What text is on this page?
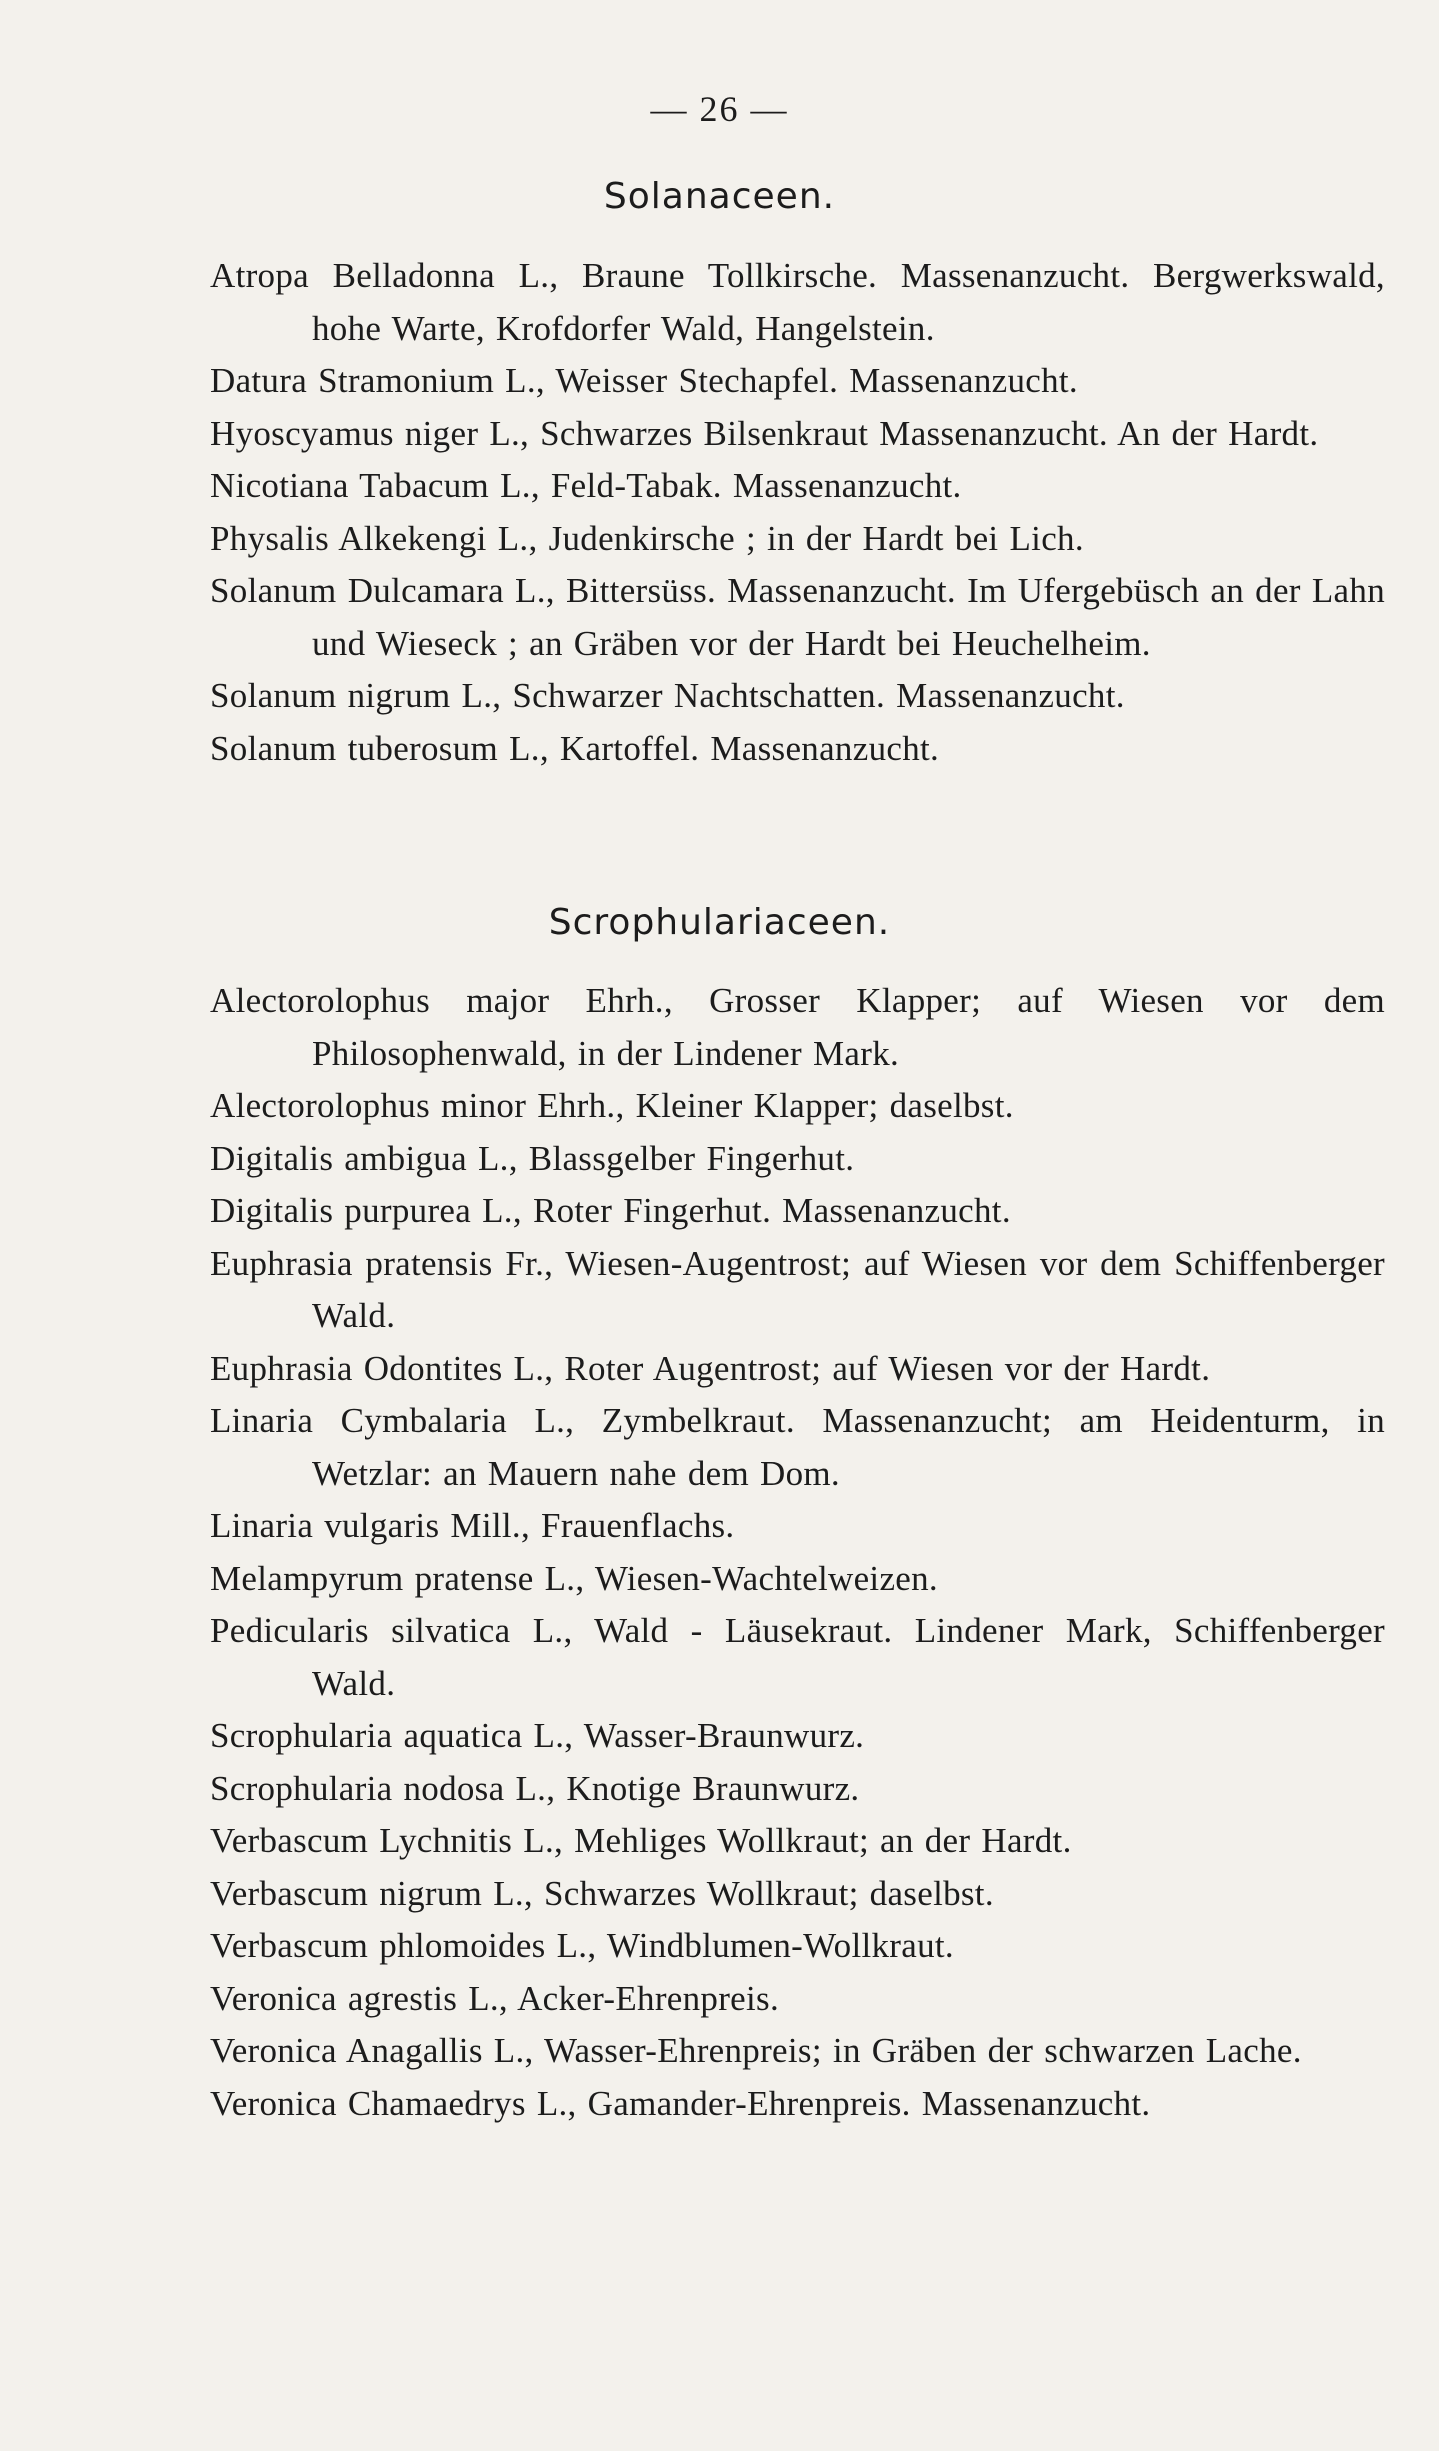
— 26 —
Solanaceen.
Atropa Belladonna L., Braune Tollkirsche. Massenanzucht. Bergwerkswald, hohe Warte, Krofdorfer Wald, Hangelstein.
Datura Stramonium L., Weisser Stechapfel. Massenanzucht.
Hyoscyamus niger L., Schwarzes Bilsenkraut Massenanzucht. An der Hardt.
Nicotiana Tabacum L., Feld-Tabak. Massenanzucht.
Physalis Alkekengi L., Judenkirsche ; in der Hardt bei Lich.
Solanum Dulcamara L., Bittersüss. Massenanzucht. Im Ufergebüsch an der Lahn und Wieseck ; an Gräben vor der Hardt bei Heuchelheim.
Solanum nigrum L., Schwarzer Nachtschatten. Massenanzucht.
Solanum tuberosum L., Kartoffel. Massenanzucht.
Scrophulariaceen.
Alectorolophus major Ehrh., Grosser Klapper; auf Wiesen vor dem Philosophenwald, in der Lindener Mark.
Alectorolophus minor Ehrh., Kleiner Klapper; daselbst.
Digitalis ambigua L., Blassgelber Fingerhut.
Digitalis purpurea L., Roter Fingerhut. Massenanzucht.
Euphrasia pratensis Fr., Wiesen-Augentrost; auf Wiesen vor dem Schiffenberger Wald.
Euphrasia Odontites L., Roter Augentrost; auf Wiesen vor der Hardt.
Linaria Cymbalaria L., Zymbelkraut. Massenanzucht; am Heidenturm, in Wetzlar: an Mauern nahe dem Dom.
Linaria vulgaris Mill., Frauenflachs.
Melampyrum pratense L., Wiesen-Wachtelweizen.
Pedicularis silvatica L., Wald - Läusekraut. Lindener Mark, Schiffenberger Wald.
Scrophularia aquatica L., Wasser-Braunwurz.
Scrophularia nodosa L., Knotige Braunwurz.
Verbascum Lychnitis L., Mehliges Wollkraut; an der Hardt.
Verbascum nigrum L., Schwarzes Wollkraut; daselbst.
Verbascum phlomoides L., Windblumen-Wollkraut.
Veronica agrestis L., Acker-Ehrenpreis.
Veronica Anagallis L., Wasser-Ehrenpreis; in Gräben der schwarzen Lache.
Veronica Chamaedrys L., Gamander-Ehrenpreis. Massenanzucht.
